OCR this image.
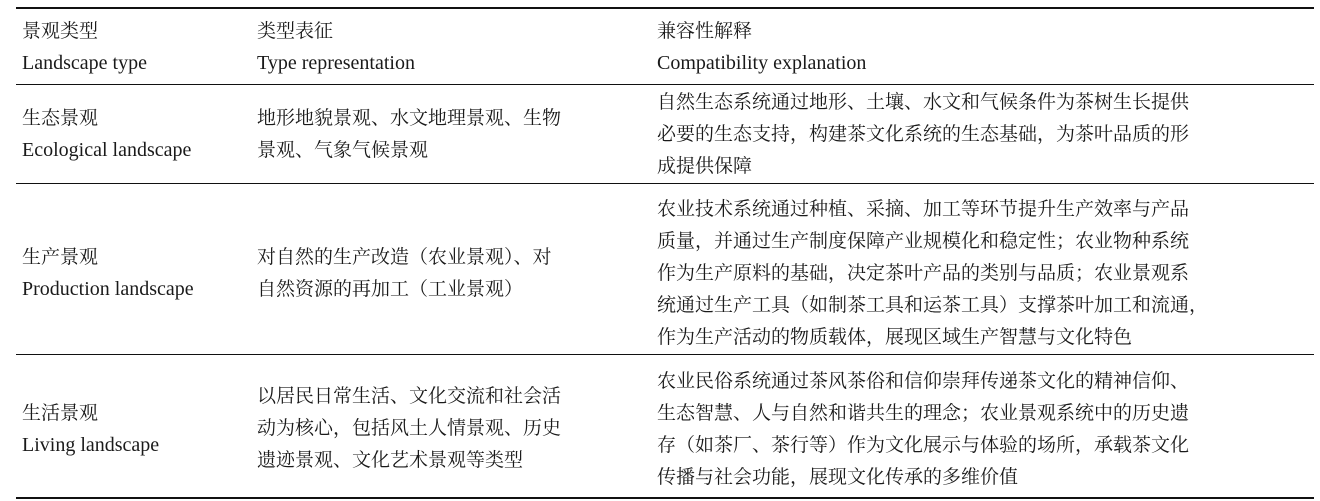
景观类型
Landscape type
类型表征
Type representation
兼容性解释
Compatibility explanation
生态景观
Ecological landscape
地形地貌景观、水文地理景观、生物
景观、气象气候景观
自然生态系统通过地形、土壤、水文和气候条件为茶树生长提供
必要的生态支持，构建茶文化系统的生态基础，为茶叶品质的形
成提供保障
生产景观
Production landscape
对自然的生产改造（农业景观）、对
自然资源的再加工（工业景观）
农业技术系统通过种植、采摘、加工等环节提升生产效率与产品
质量，并通过生产制度保障产业规模化和稳定性；农业物种系统
作为生产原料的基础，决定茶叶产品的类别与品质；农业景观系
统通过生产工具（如制茶工具和运茶工具）支撑茶叶加工和流通，
作为生产活动的物质载体，展现区域生产智慧与文化特色
生活景观
Living landscape
以居民日常生活、文化交流和社会活
动为核心，包括风土人情景观、历史
遗迹景观、文化艺术景观等类型
农业民俗系统通过茶风茶俗和信仰崇拜传递茶文化的精神信仰、
生态智慧、人与自然和谐共生的理念；农业景观系统中的历史遗
存（如茶厂、茶行等）作为文化展示与体验的场所，承载茶文化
传播与社会功能，展现文化传承的多维价值
